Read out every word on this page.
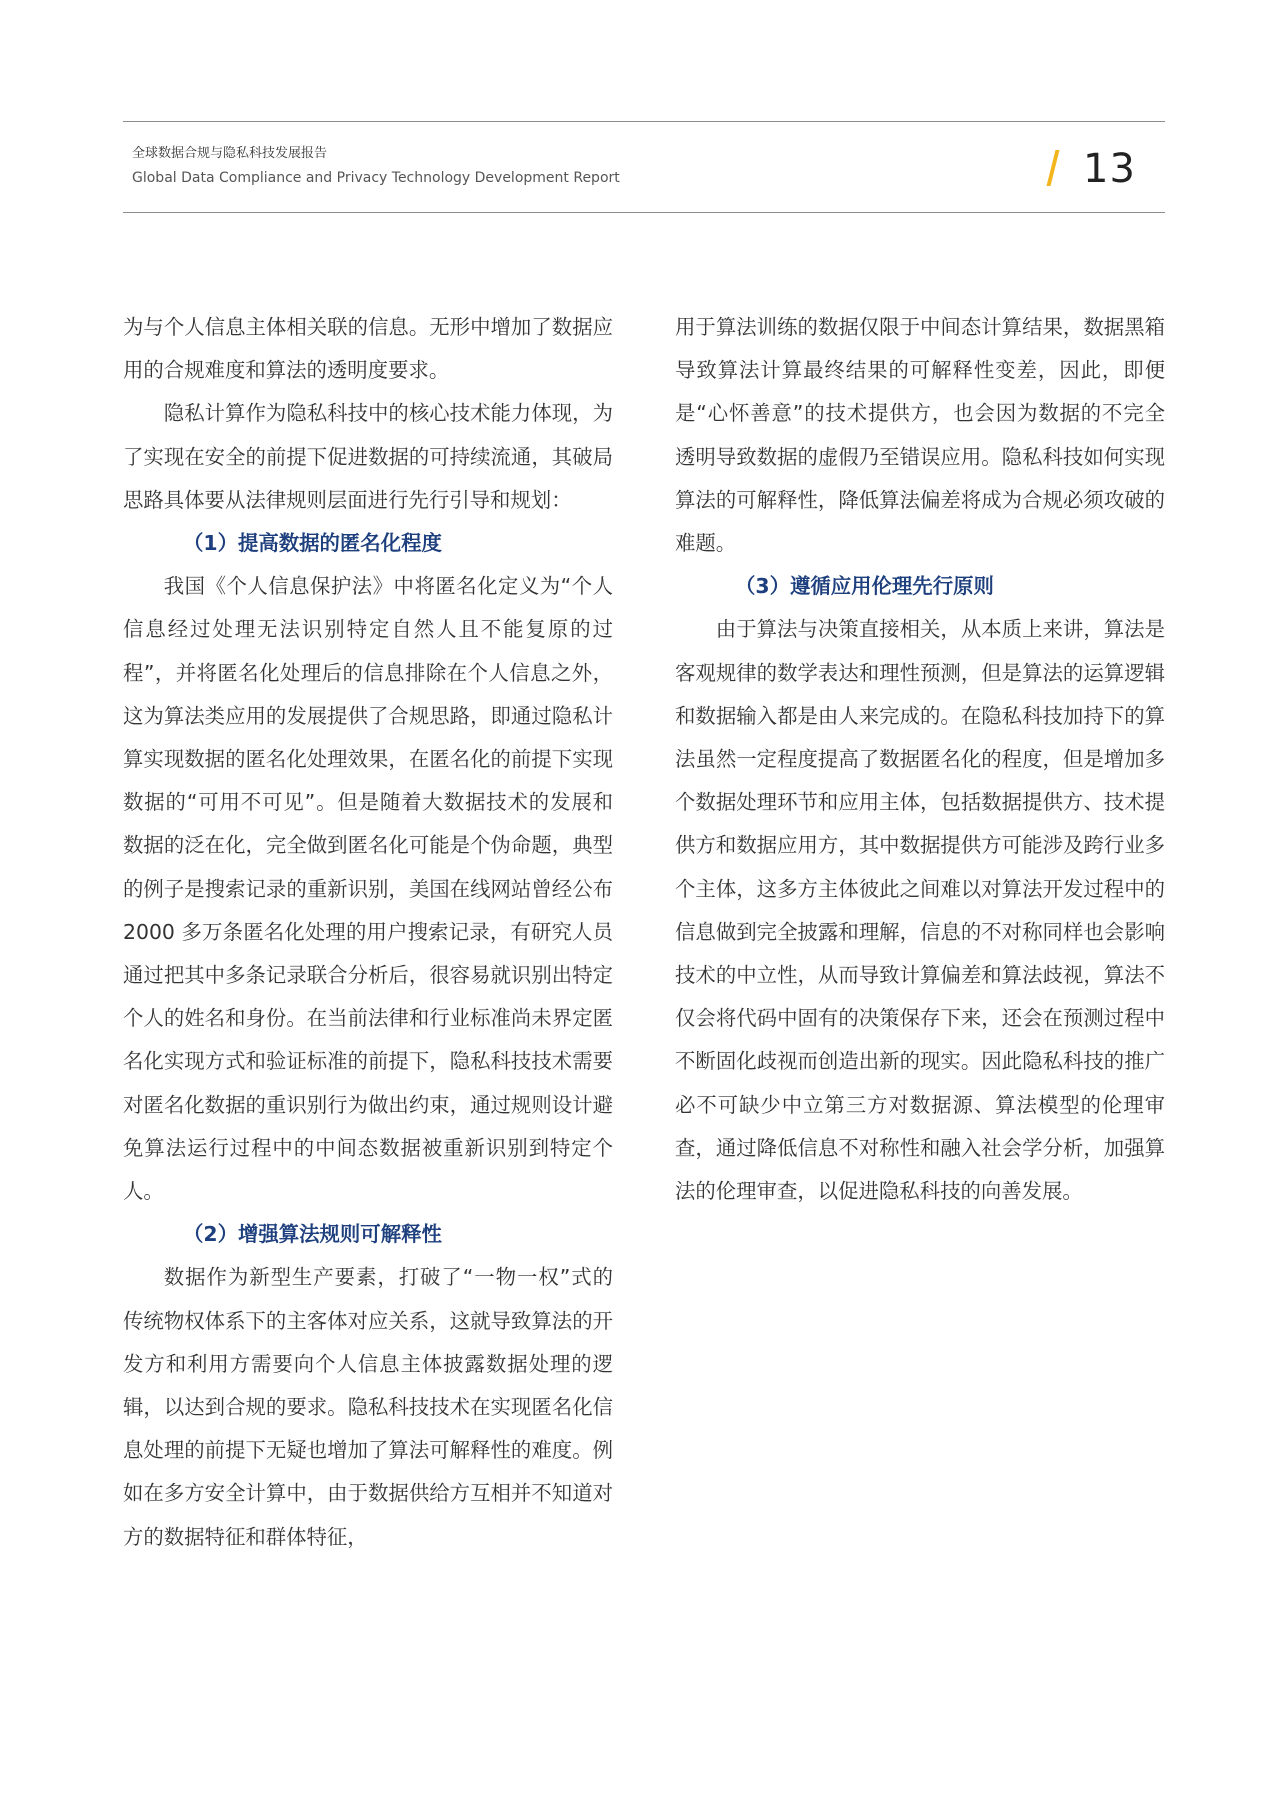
全球数据合规与隐私科技发展报告
Global Data Compliance and Privacy Technology Development Report	13

为与个人信息主体相关联的信息。无形中增加了数据应用的合规难度和算法的透明度要求。

隐私计算作为隐私科技中的核心技术能力体现，为了实现在安全的前提下促进数据的可持续流通，其破局思路具体要从法律规则层面进行先行引导和规划：

（1）提高数据的匿名化程度

我国《个人信息保护法》中将匿名化定义为“个人信息经过处理无法识别特定自然人且不能复原的过程”，并将匿名化处理后的信息排除在个人信息之外，这为算法类应用的发展提供了合规思路，即通过隐私计算实现数据的匿名化处理效果，在匿名化的前提下实现数据的“可用不可见”。但是随着大数据技术的发展和数据的泛在化，完全做到匿名化可能是个伪命题，典型的例子是搜索记录的重新识别，美国在线网站曾经公布 2000 多万条匿名化处理的用户搜索记录，有研究人员通过把其中多条记录联合分析后，很容易就识别出特定个人的姓名和身份。在当前法律和行业标准尚未界定匿名化实现方式和验证标准的前提下，隐私科技技术需要对匿名化数据的重识别行为做出约束，通过规则设计避免算法运行过程中的中间态数据被重新识别到特定个人。

（2）增强算法规则可解释性

数据作为新型生产要素，打破了“一物一权”式的传统物权体系下的主客体对应关系，这就导致算法的开发方和利用方需要向个人信息主体披露数据处理的逻辑，以达到合规的要求。隐私科技技术在实现匿名化信息处理的前提下无疑也增加了算法可解释性的难度。例如在多方安全计算中，由于数据供给方互相并不知道对方的数据特征和群体特征，

用于算法训练的数据仅限于中间态计算结果，数据黑箱导致算法计算最终结果的可解释性变差，因此，即便是“心怀善意”的技术提供方，也会因为数据的不完全透明导致数据的虚假乃至错误应用。隐私科技如何实现算法的可解释性，降低算法偏差将成为合规必须攻破的难题。

（3）遵循应用伦理先行原则

由于算法与决策直接相关，从本质上来讲，算法是客观规律的数学表达和理性预测，但是算法的运算逻辑和数据输入都是由人来完成的。在隐私科技加持下的算法虽然一定程度提高了数据匿名化的程度，但是增加多个数据处理环节和应用主体，包括数据提供方、技术提供方和数据应用方，其中数据提供方可能涉及跨行业多个主体，这多方主体彼此之间难以对算法开发过程中的信息做到完全披露和理解，信息的不对称同样也会影响技术的中立性，从而导致计算偏差和算法歧视，算法不仅会将代码中固有的决策保存下来，还会在预测过程中不断固化歧视而创造出新的现实。因此隐私科技的推广必不可缺少中立第三方对数据源、算法模型的伦理审查，通过降低信息不对称性和融入社会学分析，加强算法的伦理审查，以促进隐私科技的向善发展。
